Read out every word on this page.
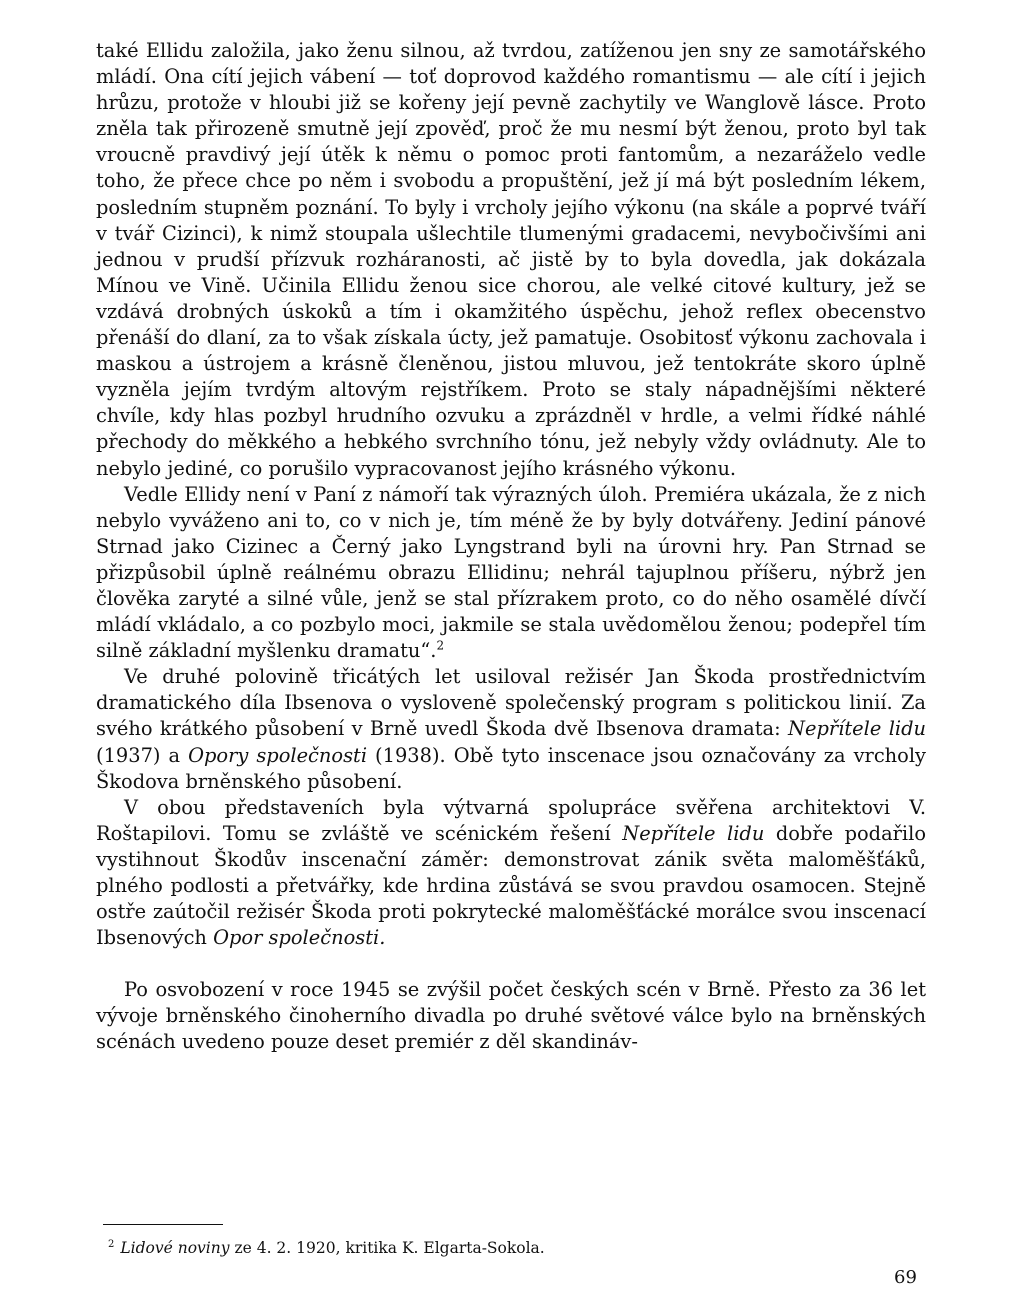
také Ellidu založila, jako ženu silnou, až tvrdou, zatíženou jen sny ze samotářského mládí. Ona cítí jejich vábení — toť doprovod každého romantismu — ale cítí i jejich hrůzu, protože v hloubi již se kořeny její pevně zachytily ve Wanglově lásce. Proto zněla tak přirozeně smutně její zpověď, proč že mu nesmí být ženou, proto byl tak vroucně pravdivý její útěk k němu o pomoc proti fantomům, a nezaráželo vedle toho, že přece chce po něm i svobodu a propuštění, jež jí má být posledním lékem, posledním stupněm poznání. To byly i vrcholy jejího výkonu (na skále a poprvé tváří v tvář Cizinci), k nimž stoupala ušlechtile tlumenými gradacemi, nevybočivšími ani jednou v prudší přízvuk rozháranosti, ač jistě by to byla dovedla, jak dokázala Mínou ve Vině. Učinila Ellidu ženou sice chorou, ale velké citové kultury, jež se vzdává drobných úskoků a tím i okamžitého úspěchu, jehož reflex obecenstvo přenáší do dlaní, za to však získala úcty, jež pamatuje. Osobitosť výkonu zachovala i maskou a ústrojem a krásně členěnou, jistou mluvou, jež tentokráte skoro úplně vyzněla jejím tvrdým altovým rejstříkem. Proto se staly nápadnějšími některé chvíle, kdy hlas pozbyl hrudního ozvuku a zprázdněl v hrdle, a velmi řídké náhlé přechody do měkkého a hebkého svrchního tónu, jež nebyly vždy ovládnuty. Ale to nebylo jediné, co porušilo vypracovanost jejího krásného výkonu.

Vedle Ellidy není v Paní z námoří tak výrazných úloh. Premiéra ukázala, že z nich nebylo vyváženo ani to, co v nich je, tím méně že by byly dotvářeny. Jediní pánové Strnad jako Cizinec a Černý jako Lyngstrand byli na úrovni hry. Pan Strnad se přizpůsobil úplně reálnému obrazu Ellidinu; nehrál tajuplnou příšeru, nýbrž jen člověka zaryté a silné vůle, jenž se stal přízrakem proto, co do něho osamělé dívčí mládí vkládalo, a co pozbylo moci, jakmile se stala uvědomělou ženou; podepřel tím silně základní myšlenku dramatu“.$^2$

Ve druhé polovině třicátých let usiloval režisér Jan Škoda prostřednictvím dramatického díla Ibsenova o vysloveně společenský program s politickou linií. Za svého krátkého působení v Brně uvedl Škoda dvě Ibsenova dramata: Nepřítele lidu (1937) a Opory společnosti (1938). Obě tyto inscenace jsou označovány za vrcholy Škodova brněnského působení.

V obou představeních byla výtvarná spolupráce svěřena architektovi V. Roštapilovi. Tomu se zvláště ve scénickém řešení Nepřítele lidu dobře podařilo vystihnout Škodův inscenační záměr: demonstrovat zánik světa maloměšťáků, plného podlosti a přetvářky, kde hrdina zůstává se svou pravdou osamocen. Stejně ostře zaútočil režisér Škoda proti pokrytecké maloměšťácké morálce svou inscenací Ibsenových Opor společnosti.

Po osvobození v roce 1945 se zvýšil počet českých scén v Brně. Přesto za 36 let vývoje brněnského činoherního divadla po druhé světové válce bylo na brněnských scénách uvedeno pouze deset premiér z děl skandináv-

$^2$ Lidové noviny ze 4. 2. 1920, kritika K. Elgarta-Sokola.

69
